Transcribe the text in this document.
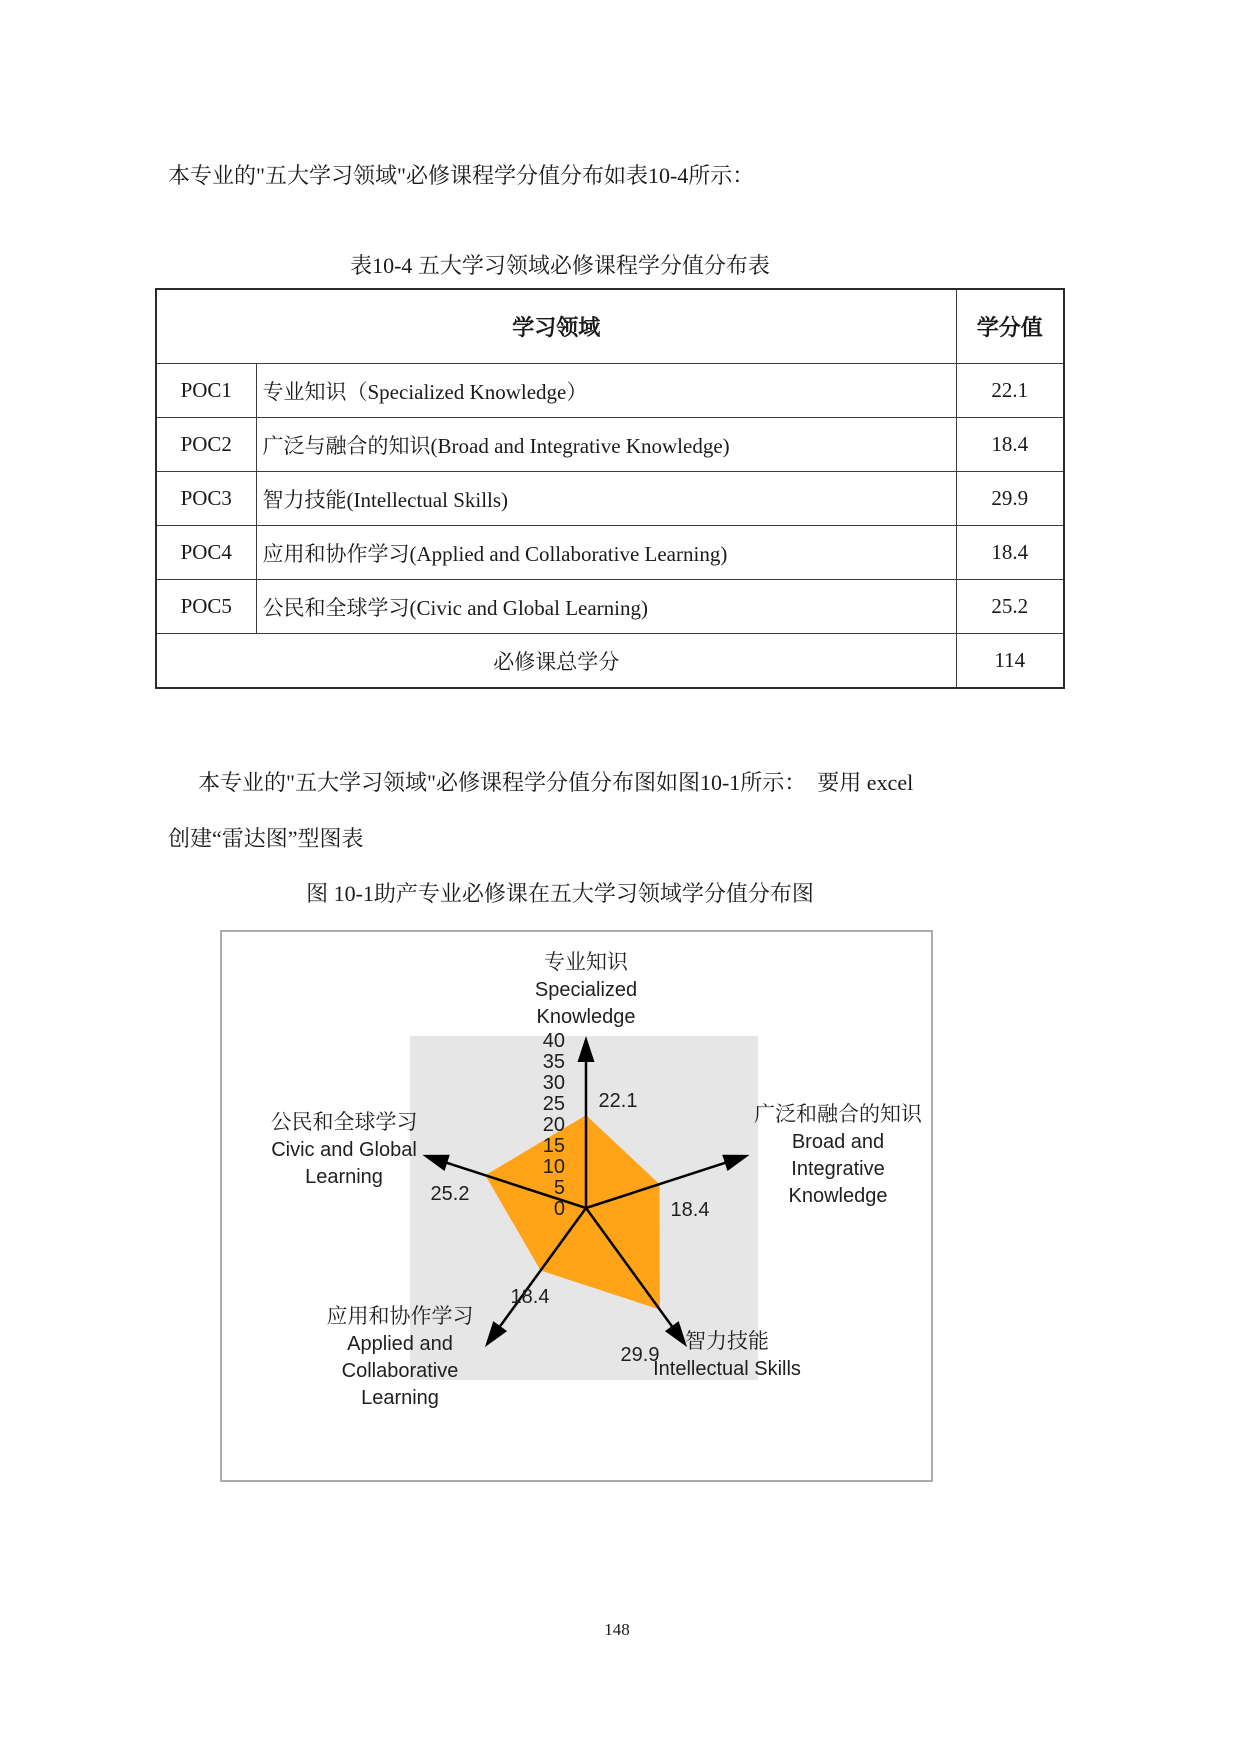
本专业的"五大学习领域"必修课程学分值分布如表10-4所示：
表10-4 五大学习领域必修课程学分值分布表
学习领域		学分值
POC1	专业知识（Specialized Knowledge）	22.1
POC2	广泛与融合的知识(Broad and Integrative Knowledge)	18.4
POC3	智力技能(Intellectual Skills)	29.9
POC4	应用和协作学习(Applied and Collaborative Learning)	18.4
POC5	公民和全球学习(Civic and Global Learning)	25.2
必修课总学分		114
本专业的"五大学习领域"必修课程学分值分布图如图10-1所示：　要用 excel
创建“雷达图”型图表
图 10-1助产专业必修课在五大学习领域学分值分布图
0
5
10
15
20
25
30
35
40
22.1
18.4
29.9
18.4
25.2
专业知识
Specialized
Knowledge
广泛和融合的知识
Broad and
Integrative
Knowledge
智力技能
Intellectual Skills
应用和协作学习
Applied and
Collaborative
Learning
公民和全球学习
Civic and Global
Learning
148
